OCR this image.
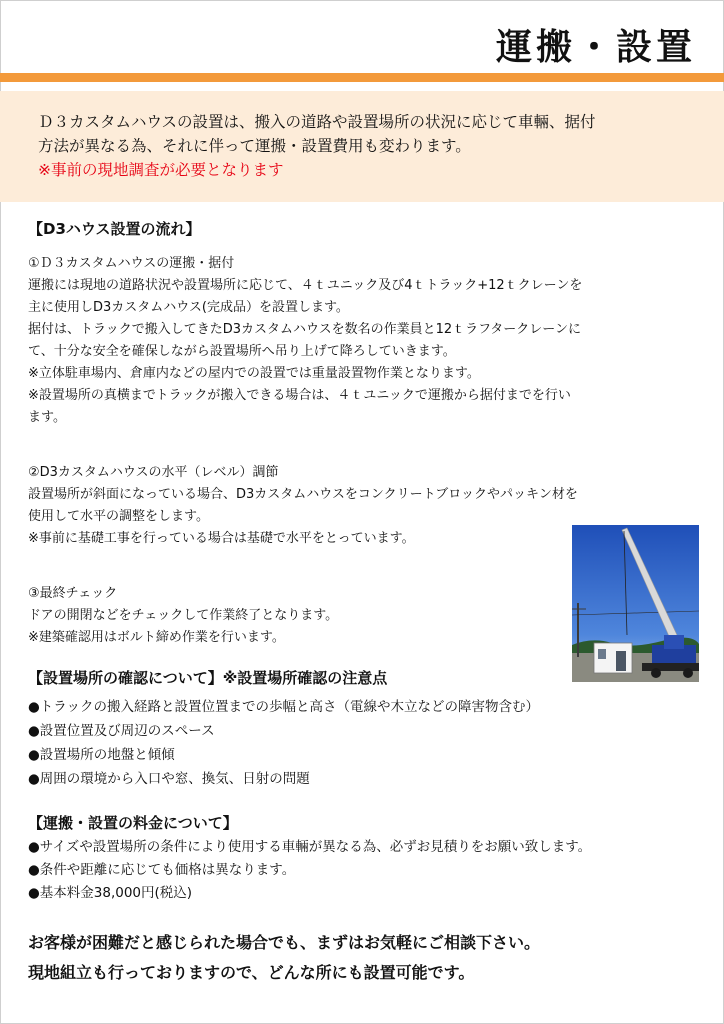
運搬・設置
Ｄ３カスタムハウスの設置は、搬入の道路や設置場所の状況に応じて車輛、据付
方法が異なる為、それに伴って運搬・設置費用も変わります。
※事前の現地調査が必要となります
【D3ハウス設置の流れ】
①Ｄ３カスタムハウスの運搬・据付
運搬には現地の道路状況や設置場所に応じて、４ｔユニック及び4ｔトラック+12ｔクレーンを
主に使用しD3カスタムハウス(完成品）を設置します。
据付は、トラックで搬入してきたD3カスタムハウスを数名の作業員と12ｔラフタークレーンに
て、十分な安全を確保しながら設置場所へ吊り上げて降ろしていきます。
※立体駐車場内、倉庫内などの屋内での設置では重量設置物作業となります。
※設置場所の真横までトラックが搬入できる場合は、４ｔユニックで運搬から据付までを行い
ます。
②D3カスタムハウスの水平（レベル）調節
設置場所が斜面になっている場合、D3カスタムハウスをコンクリートブロックやパッキン材を
使用して水平の調整をします。
※事前に基礎工事を行っている場合は基礎で水平をとっています。
③最終チェック
ドアの開閉などをチェックして作業終了となります。
※建築確認用はボルト締め作業を行います。
【設置場所の確認について】※設置場所確認の注意点
●トラックの搬入経路と設置位置までの歩幅と高さ（電線や木立などの障害物含む）
●設置位置及び周辺のスペース
●設置場所の地盤と傾傾
●周囲の環境から入口や窓、換気、日射の問題
【運搬・設置の料金について】
●サイズや設置場所の条件により使用する車輛が異なる為、必ずお見積りをお願い致します。
●条件や距離に応じても価格は異なります。
●基本料金38,000円(税込)
お客様が困難だと感じられた場合でも、まずはお気軽にご相談下さい。
現地組立も行っておりますので、どんな所にも設置可能です。
